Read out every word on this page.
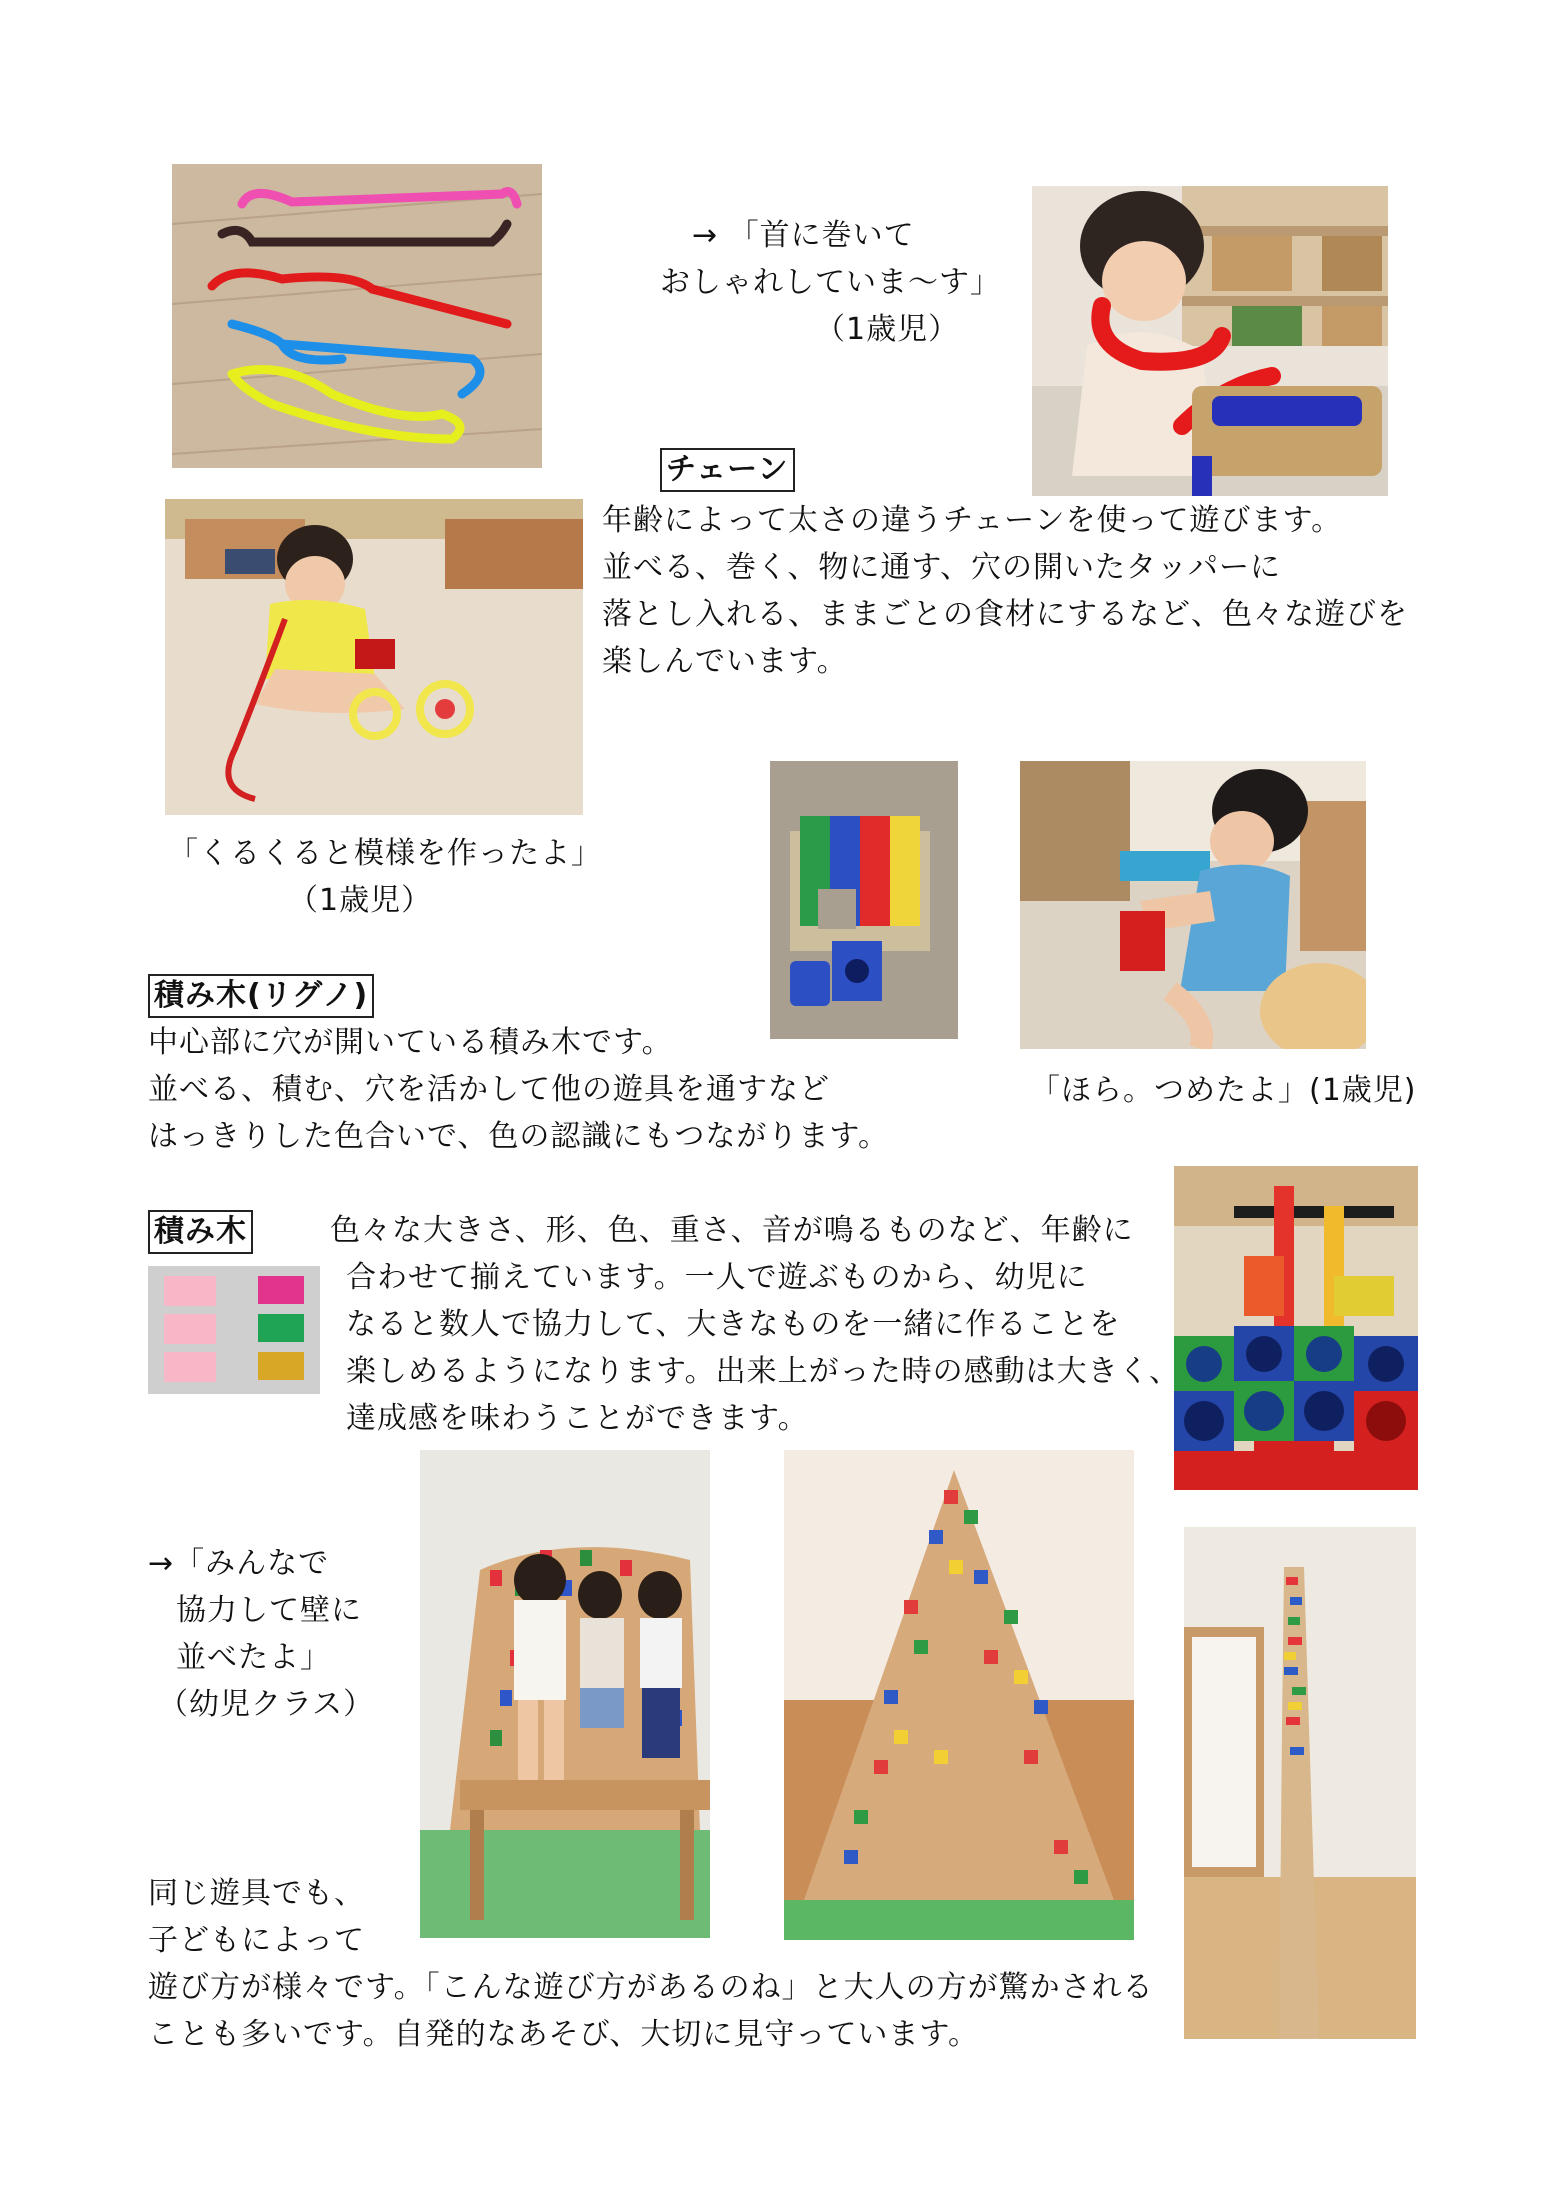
→ 「首に巻いて
おしゃれしていま～す」
（1歳児）
チェーン
年齢によって太さの違うチェーンを使って遊びます。
並べる、巻く、物に通す、穴の開いたタッパーに
落とし入れる、ままごとの食材にするなど、色々な遊びを
楽しんでいます。
「くるくると模様を作ったよ」
（1歳児）
積み木(リグノ)
中心部に穴が開いている積み木です。
並べる、積む、穴を活かして他の遊具を通すなど
はっきりした色合いで、色の認識にもつながります。
「ほら。つめたよ」(1歳児)
積み木	色々な大きさ、形、色、重さ、音が鳴るものなど、年齢に
合わせて揃えています。一人で遊ぶものから、幼児に
なると数人で協力して、大きなものを一緒に作ることを
楽しめるようになります。出来上がった時の感動は大きく、
達成感を味わうことができます。
→「みんなで
協力して壁に
並べたよ」
（幼児クラス）
同じ遊具でも、
子どもによって
遊び方が様々です。「こんな遊び方があるのね」と大人の方が驚かされる
ことも多いです。自発的なあそび、大切に見守っています。
